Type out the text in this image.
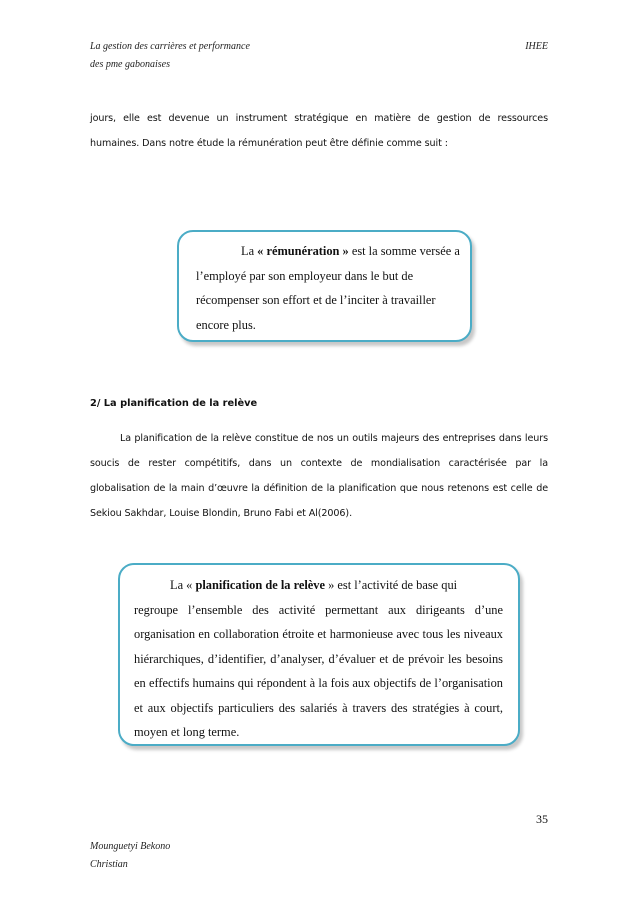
La gestion des carrières et performance
des pme gabonaises
IHEE

jours, elle est devenue un instrument stratégique en matière de gestion de ressources humaines. Dans notre étude la rémunération peut être définie comme suit :

La « rémunération » est la somme versée a
l’employé par son employeur dans le but de récompenser son effort et de l’inciter à travailler encore plus.
2/ La planification de la relève

La planification de la relève constitue de nos un outils majeurs des entreprises dans leurs soucis de rester compétitifs, dans un contexte de mondialisation caractérisée par la globalisation de la main d’œuvre la définition de la planification que nous retenons est celle de Sekiou Sakhdar, Louise Blondin, Bruno Fabi et Al(2006).

La « planification de la relève » est l’activité de base qui
regroupe l’ensemble des activité permettant aux dirigeants d’une organisation en collaboration étroite et harmonieuse avec tous les niveaux hiérarchiques, d’identifier, d’analyser, d’évaluer et de prévoir les besoins en effectifs humains qui répondent à la fois aux objectifs de l’organisation et aux objectifs particuliers des salariés à travers des stratégies à court, moyen et long terme.
35
Mounguetyi Bekono
Christian
